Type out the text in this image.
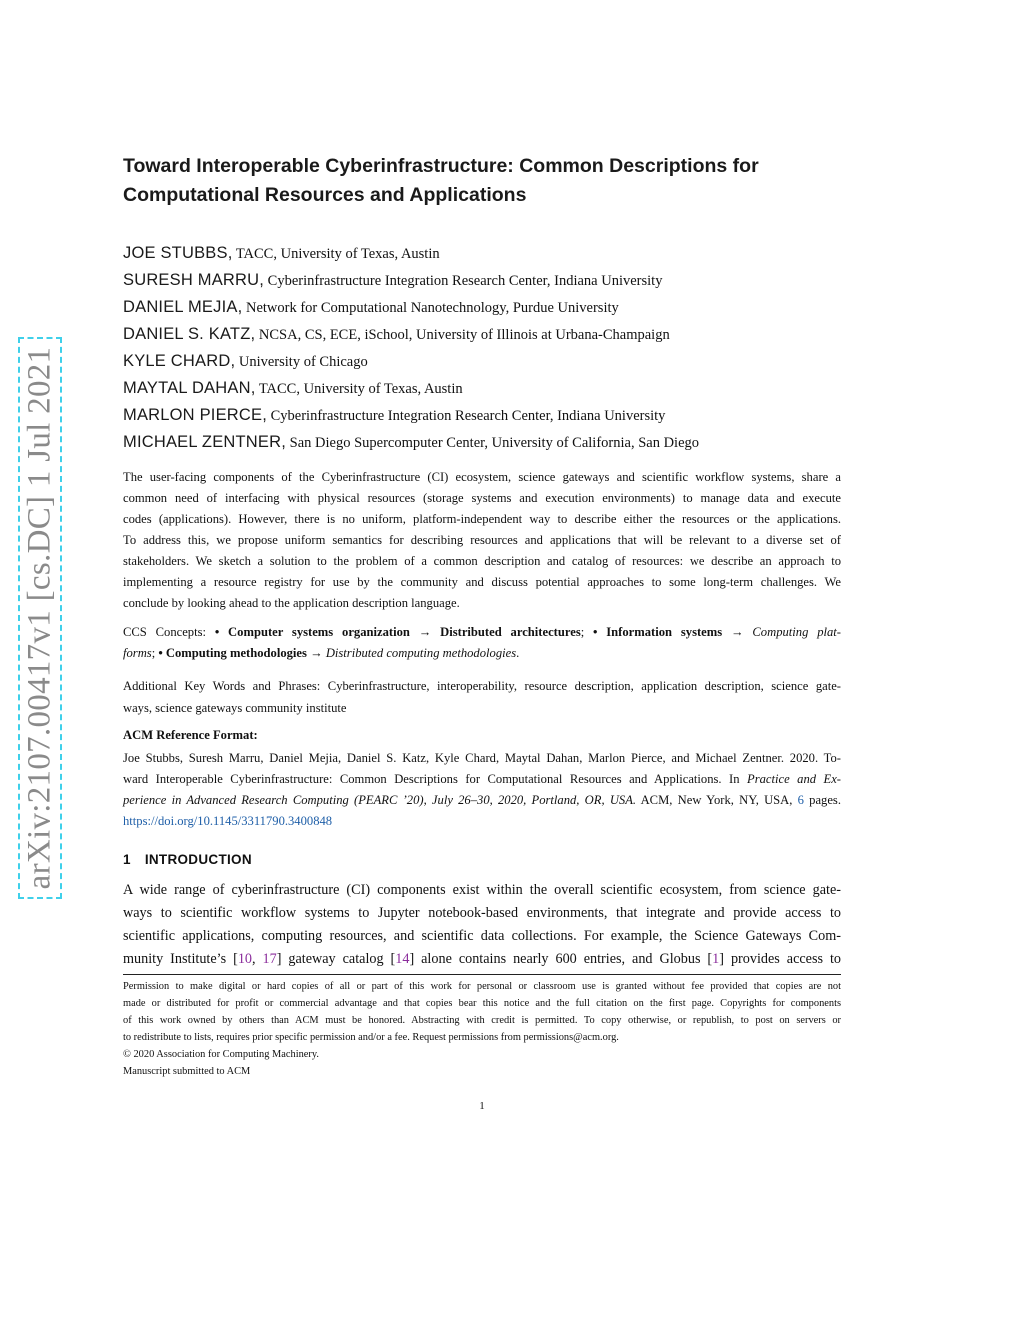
arXiv:2107.00417v1 [cs.DC] 1 Jul 2021
Toward Interoperable Cyberinfrastructure: Common Descriptions for
Computational Resources and Applications
JOE STUBBS, TACC, University of Texas, Austin
SURESH MARRU, Cyberinfrastructure Integration Research Center, Indiana University
DANIEL MEJIA, Network for Computational Nanotechnology, Purdue University
DANIEL S. KATZ, NCSA, CS, ECE, iSchool, University of Illinois at Urbana-Champaign
KYLE CHARD, University of Chicago
MAYTAL DAHAN, TACC, University of Texas, Austin
MARLON PIERCE, Cyberinfrastructure Integration Research Center, Indiana University
MICHAEL ZENTNER, San Diego Supercomputer Center, University of California, San Diego

The user-facing components of the Cyberinfrastructure (CI) ecosystem, science gateways and scientific workflow systems, share a
common need of interfacing with physical resources (storage systems and execution environments) to manage data and execute
codes (applications). However, there is no uniform, platform-independent way to describe either the resources or the applications.
To address this, we propose uniform semantics for describing resources and applications that will be relevant to a diverse set of
stakeholders. We sketch a solution to the problem of a common description and catalog of resources: we describe an approach to
implementing a resource registry for use by the community and discuss potential approaches to some long-term challenges. We
conclude by looking ahead to the application description language.

CCS Concepts: • Computer systems organization → Distributed architectures; • Information systems → Computing plat-
forms; • Computing methodologies → Distributed computing methodologies.

Additional Key Words and Phrases: Cyberinfrastructure, interoperability, resource description, application description, science gate-
ways, science gateways community institute

ACM Reference Format:

Joe Stubbs, Suresh Marru, Daniel Mejia, Daniel S. Katz, Kyle Chard, Maytal Dahan, Marlon Pierce, and Michael Zentner. 2020. To-
ward Interoperable Cyberinfrastructure: Common Descriptions for Computational Resources and Applications. In Practice and Ex-
perience in Advanced Research Computing (PEARC ’20), July 26–30, 2020, Portland, OR, USA. ACM, New York, NY, USA, 6 pages.
https://doi.org/10.1145/3311790.3400848

1 INTRODUCTION

A wide range of cyberinfrastructure (CI) components exist within the overall scientific ecosystem, from science gate-
ways to scientific workflow systems to Jupyter notebook-based environments, that integrate and provide access to
scientific applications, computing resources, and scientific data collections. For example, the Science Gateways Com-
munity Institute’s [10, 17] gateway catalog [14] alone contains nearly 600 entries, and Globus [1] provides access to

Permission to make digital or hard copies of all or part of this work for personal or classroom use is granted without fee provided that copies are not
made or distributed for profit or commercial advantage and that copies bear this notice and the full citation on the first page. Copyrights for components
of this work owned by others than ACM must be honored. Abstracting with credit is permitted. To copy otherwise, or republish, to post on servers or
to redistribute to lists, requires prior specific permission and/or a fee. Request permissions from permissions@acm.org.

© 2020 Association for Computing Machinery.
Manuscript submitted to ACM
1
